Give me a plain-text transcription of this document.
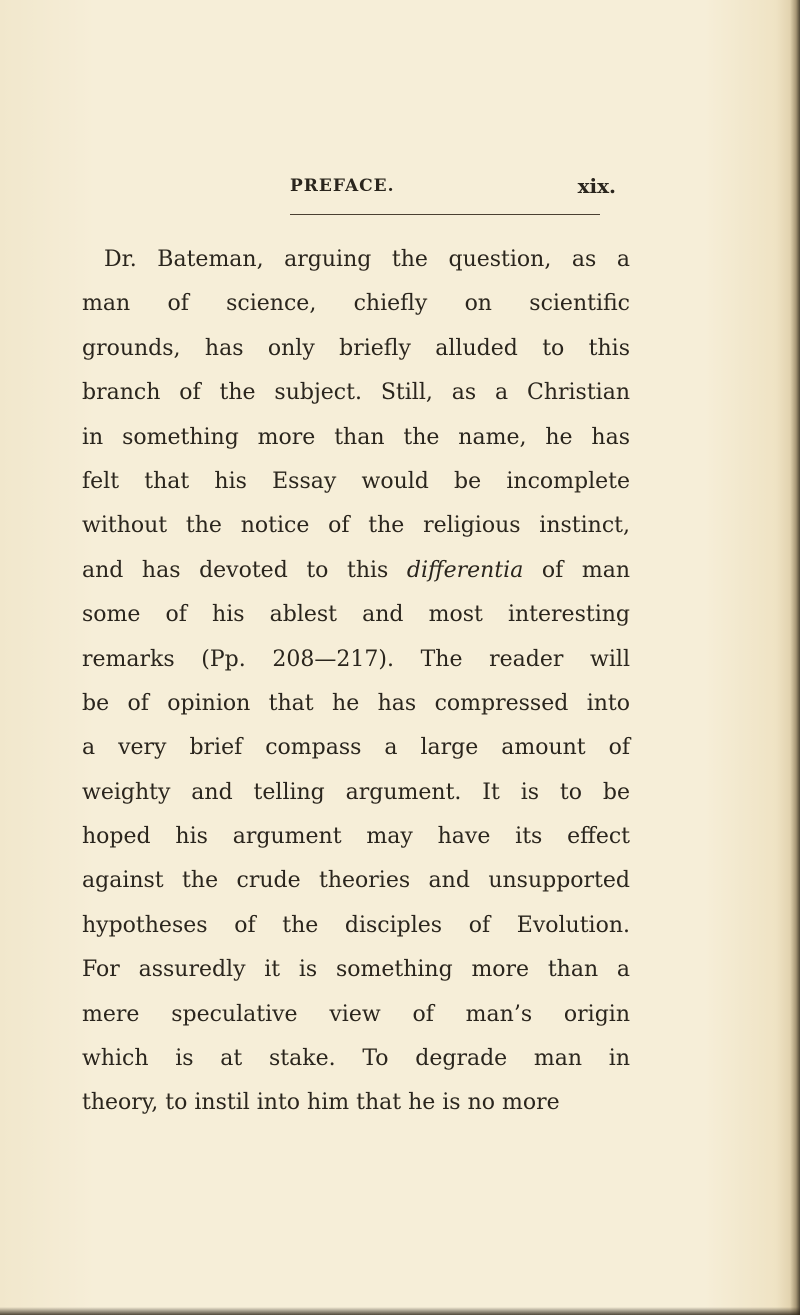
PREFACE.	xix.
Dr. Bateman, arguing the question, as a
man of science, chiefly on scientific
grounds, has only briefly alluded to this
branch of the subject. Still, as a Christian
in something more than the name, he has
felt that his Essay would be incomplete
without the notice of the religious instinct,
and has devoted to this differentia of man
some of his ablest and most interesting
remarks (Pp. 208—217). The reader will
be of opinion that he has compressed into
a very brief compass a large amount of
weighty and telling argument. It is to be
hoped his argument may have its effect
against the crude theories and unsupported
hypotheses of the disciples of Evolution.
For assuredly it is something more than a
mere speculative view of man’s origin
which is at stake. To degrade man in
theory, to instil into him that he is no more
